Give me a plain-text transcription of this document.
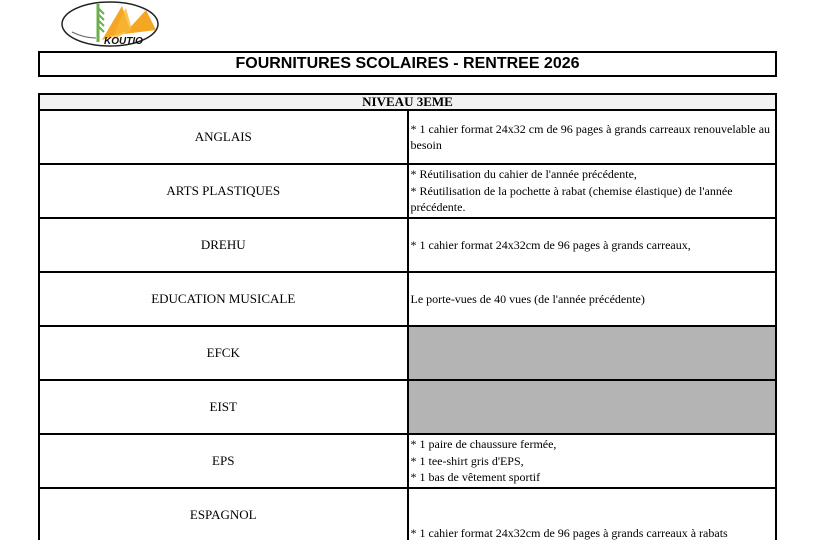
KOUTIO
FOURNITURES SCOLAIRES - RENTREE 2026
NIVEAU 3EME	
ANGLAIS	* 1 cahier format 24x32 cm de 96 pages à grands carreaux renouvelable au besoin

ARTS PLASTIQUES	* Réutilisation du cahier de l'année précédente,
* Réutilisation de la pochette à rabat (chemise élastique) de l'année précédente.

DREHU	* 1 cahier format 24x32cm de 96 pages à grands carreaux,

EDUCATION MUSICALE	Le porte-vues de 40 vues (de l'année précédente)

EFCK	
EIST	
EPS	* 1 paire de chaussure fermée,
* 1 tee-shirt gris d'EPS,
* 1 bas de vêtement sportif

ESPAGNOL	* 1 cahier format 24x32cm de 96 pages à grands carreaux à rabats
